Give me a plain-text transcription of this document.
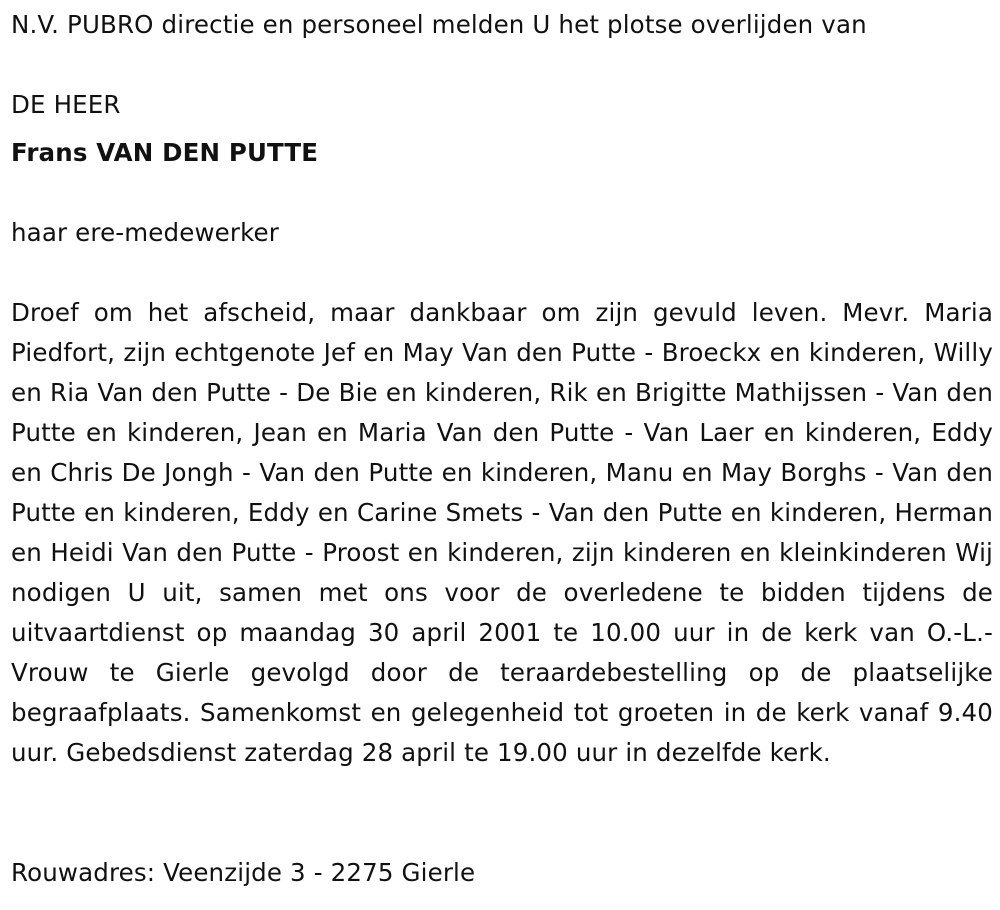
N.V. PUBRO directie en personeel melden U het plotse overlijden van
DE HEER
Frans VAN DEN PUTTE
haar ere-medewerker
Droef om het afscheid, maar dankbaar om zijn gevuld leven. Mevr. Maria Piedfort, zijn echtgenote Jef en May Van den Putte - Broeckx en kinderen, Willy en Ria Van den Putte - De Bie en kinderen, Rik en Brigitte Mathijssen - Van den Putte en kinderen, Jean en Maria Van den Putte - Van Laer en kinderen, Eddy en Chris De Jongh - Van den Putte en kinderen, Manu en May Borghs - Van den Putte en kinderen, Eddy en Carine Smets - Van den Putte en kinderen, Herman en Heidi Van den Putte - Proost en kinderen, zijn kinderen en kleinkinderen Wij nodigen U uit, samen met ons voor de overledene te bidden tijdens de uitvaartdienst op maandag 30 april 2001 te 10.00 uur in de kerk van O.-L.-Vrouw te Gierle gevolgd door de teraardebestelling op de plaatselijke begraafplaats. Samenkomst en gelegenheid tot groeten in de kerk vanaf 9.40 uur. Gebedsdienst zaterdag 28 april te 19.00 uur in dezelfde kerk.
Rouwadres: Veenzijde 3 - 2275 Gierle
